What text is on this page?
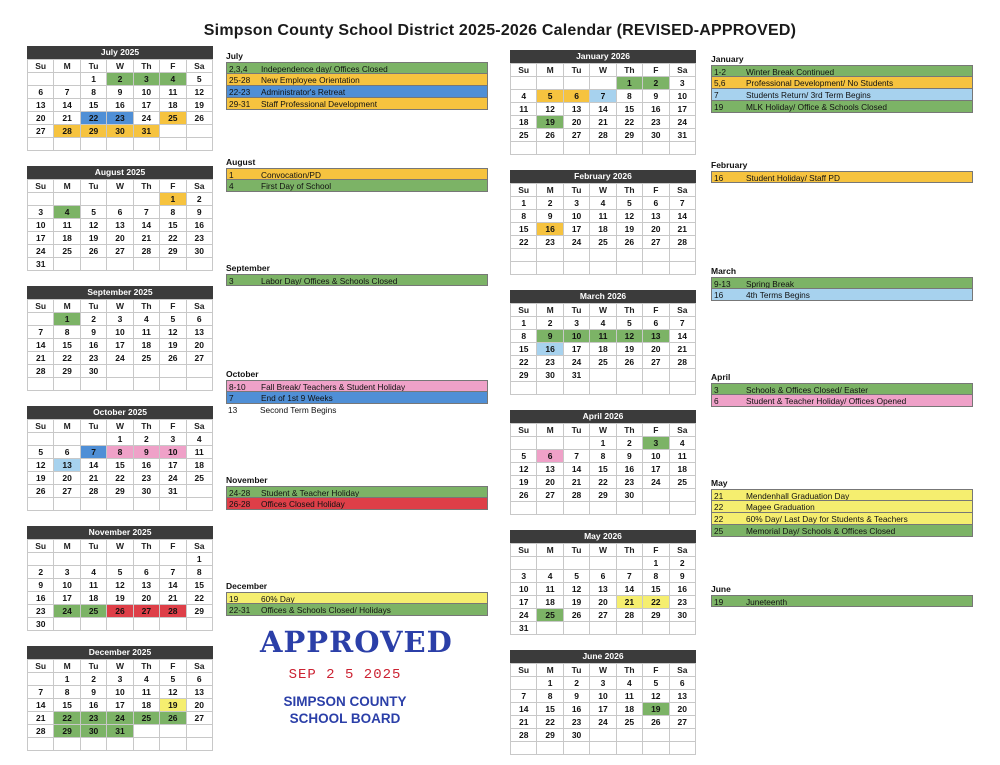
Simpson County School District 2025-2026 Calendar (REVISED-APPROVED)
July 2025
Su	M	Tu	W	Th	F	Sa
		1	2	3	4	5
6	7	8	9	10	11	12
13	14	15	16	17	18	19
20	21	22	23	24	25	26
27	28	29	30	31		

August 2025
Su	M	Tu	W	Th	F	Sa
					1	2
3	4	5	6	7	8	9
10	11	12	13	14	15	16
17	18	19	20	21	22	23
24	25	26	27	28	29	30
31						
September 2025
Su	M	Tu	W	Th	F	Sa
	1	2	3	4	5	6
7	8	9	10	11	12	13
14	15	16	17	18	19	20
21	22	23	24	25	26	27
28	29	30				

October 2025
Su	M	Tu	W	Th	F	Sa
			1	2	3	4
5	6	7	8	9	10	11
12	13	14	15	16	17	18
19	20	21	22	23	24	25
26	27	28	29	30	31	

November 2025
Su	M	Tu	W	Th	F	Sa
						1
2	3	4	5	6	7	8
9	10	11	12	13	14	15
16	17	18	19	20	21	22
23	24	25	26	27	28	29
30						
December 2025
Su	M	Tu	W	Th	F	Sa
	1	2	3	4	5	6
7	8	9	10	11	12	13
14	15	16	17	18	19	20
21	22	23	24	25	26	27
28	29	30	31			

January 2026
Su	M	Tu	W	Th	F	Sa
				1	2	3
4	5	6	7	8	9	10
11	12	13	14	15	16	17
18	19	20	21	22	23	24
25	26	27	28	29	30	31

February 2026
Su	M	Tu	W	Th	F	Sa
1	2	3	4	5	6	7
8	9	10	11	12	13	14
15	16	17	18	19	20	21
22	23	24	25	26	27	28

March 2026
Su	M	Tu	W	Th	F	Sa
1	2	3	4	5	6	7
8	9	10	11	12	13	14
15	16	17	18	19	20	21
22	23	24	25	26	27	28
29	30	31				

April 2026
Su	M	Tu	W	Th	F	Sa
			1	2	3	4
5	6	7	8	9	10	11
12	13	14	15	16	17	18
19	20	21	22	23	24	25
26	27	28	29	30		

May 2026
Su	M	Tu	W	Th	F	Sa
					1	2
3	4	5	6	7	8	9
10	11	12	13	14	15	16
17	18	19	20	21	22	23
24	25	26	27	28	29	30
31						
June 2026
Su	M	Tu	W	Th	F	Sa
	1	2	3	4	5	6
7	8	9	10	11	12	13
14	15	16	17	18	19	20
21	22	23	24	25	26	27
28	29	30				

July
2,3,4	Independence day/ Offices Closed
25-28	New Employee Orientation
22-23	Administrator's Retreat
29-31	Staff Professional Development
August
1	Convocation/PD
4	First Day of School
September
3	Labor Day/ Offices & Schools Closed
October
8-10	Fall Break/ Teachers & Student Holiday
7	End of 1st 9 Weeks
13	Second Term Begins
November
24-28	Student & Teacher Holiday
26-28	Offices Closed Holiday
December
19	60% Day
22-31	Offices & Schools Closed/ Holidays
January
1-2	Winter Break Continued
5,6	Professional Development/ No Students
7	Students Return/ 3rd Term Begins
19	MLK Holiday/ Office & Schools Closed
February
16	Student Holiday/ Staff PD
March
9-13	Spring Break
16	4th Terms Begins
April
3	Schools & Offices Closed/ Easter
6	Student & Teacher Holiday/ Offices Opened
May
21	Mendenhall Graduation Day
22	Magee Graduation
22	60% Day/ Last Day for Students & Teachers
25	Memorial Day/ Schools & Offices Closed
June
19	Juneteenth
APPROVED
SEP 2 5 2025
SIMPSON COUNTY
SCHOOL BOARD
